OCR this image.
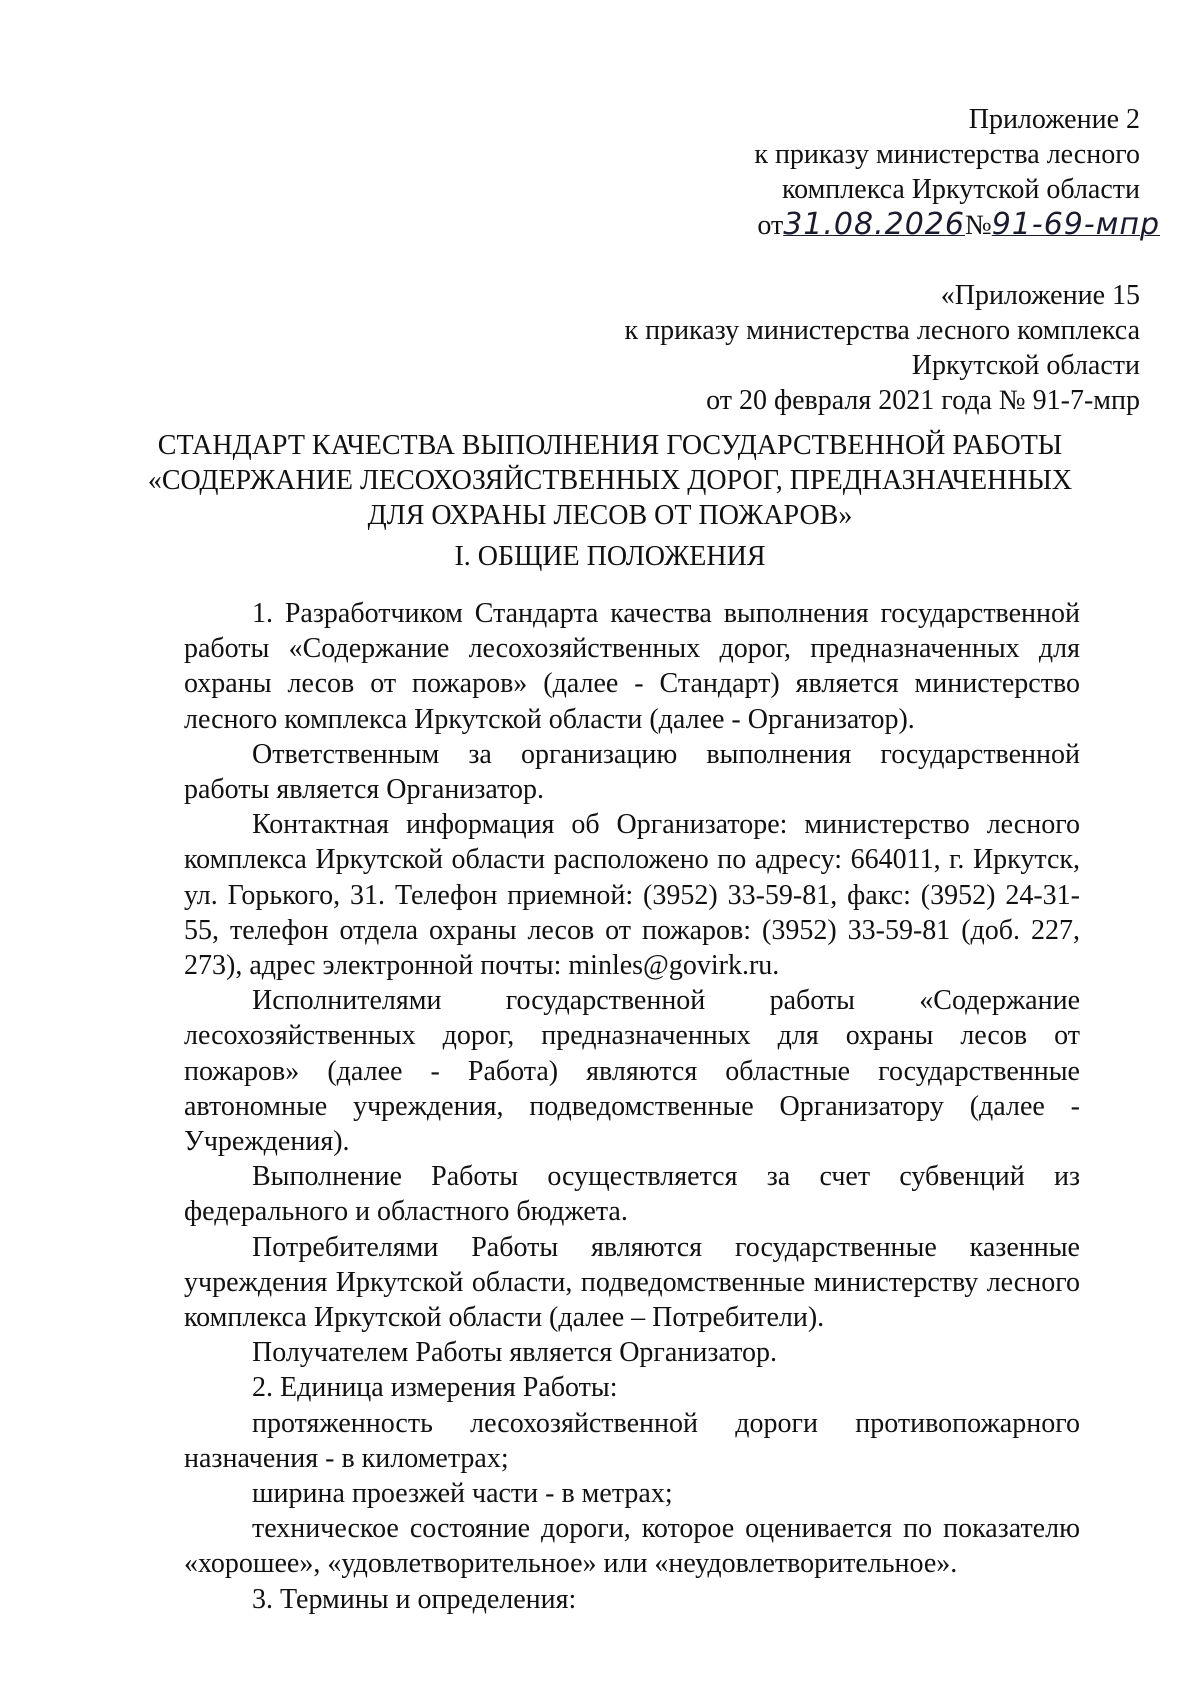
Приложение 2
к приказу министерства лесного
комплекса Иркутской области
от31.08.2026№91-69-мпр
«Приложение 15
к приказу министерства лесного комплекса
Иркутской области
от 20 февраля 2021 года № 91-7-мпр
СТАНДАРТ КАЧЕСТВА ВЫПОЛНЕНИЯ ГОСУДАРСТВЕННОЙ РАБОТЫ
«СОДЕРЖАНИЕ ЛЕСОХОЗЯЙСТВЕННЫХ ДОРОГ, ПРЕДНАЗНАЧЕННЫХ
ДЛЯ ОХРАНЫ ЛЕСОВ ОТ ПОЖАРОВ»
I. ОБЩИЕ ПОЛОЖЕНИЯ

1. Разработчиком Стандарта качества выполнения государственной работы «Содержание лесохозяйственных дорог, предназначенных для охраны лесов от пожаров» (далее - Стандарт) является министерство лесного комплекса Иркутской области (далее - Организатор).

Ответственным за организацию выполнения государственной работы является Организатор.

Контактная информация об Организаторе: министерство лесного комплекса Иркутской области расположено по адресу: 664011, г. Иркутск, ул. Горького, 31. Телефон приемной: (3952) 33-59-81, факс: (3952) 24-31-55, телефон отдела охраны лесов от пожаров: (3952) 33-59-81 (доб. 227, 273), адрес электронной почты: minles@govirk.ru.

Исполнителями государственной работы «Содержание лесохозяйственных дорог, предназначенных для охраны лесов от пожаров» (далее - Работа) являются областные государственные автономные учреждения, подведомственные Организатору (далее - Учреждения).

Выполнение Работы осуществляется за счет субвенций из федерального и областного бюджета.

Потребителями Работы являются государственные казенные учреждения Иркутской области, подведомственные министерству лесного комплекса Иркутской области (далее – Потребители).

Получателем Работы является Организатор.

2. Единица измерения Работы:

протяженность лесохозяйственной дороги противопожарного назначения - в километрах;

ширина проезжей части - в метрах;

техническое состояние дороги, которое оценивается по показателю «хорошее», «удовлетворительное» или «неудовлетворительное».

3. Термины и определения:
